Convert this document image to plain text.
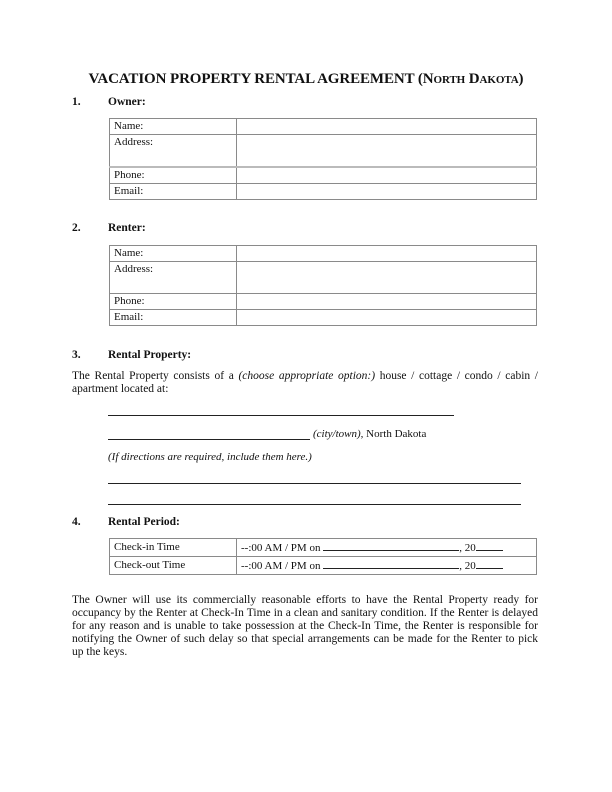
VACATION PROPERTY RENTAL AGREEMENT (North Dakota)
1. Owner:
Name:	
Address:	
Phone:	
Email:	
2. Renter:
Name:	
Address:	
Phone:	
Email:	
3. Rental Property:
The Rental Property consists of a (choose appropriate option:) house / cottage / condo / cabin / apartment located at:
(city/town), North Dakota
(If directions are required, include them here.)
4. Rental Period:
Check-in Time	--:00 AM / PM on , 20
Check-out Time	--:00 AM / PM on , 20
The Owner will use its commercially reasonable efforts to have the Rental Property ready for occupancy by the Renter at Check-In Time in a clean and sanitary condition. If the Renter is delayed for any reason and is unable to take possession at the Check-In Time, the Renter is responsible for notifying the Owner of such delay so that special arrangements can be made for the Renter to pick up the keys.
